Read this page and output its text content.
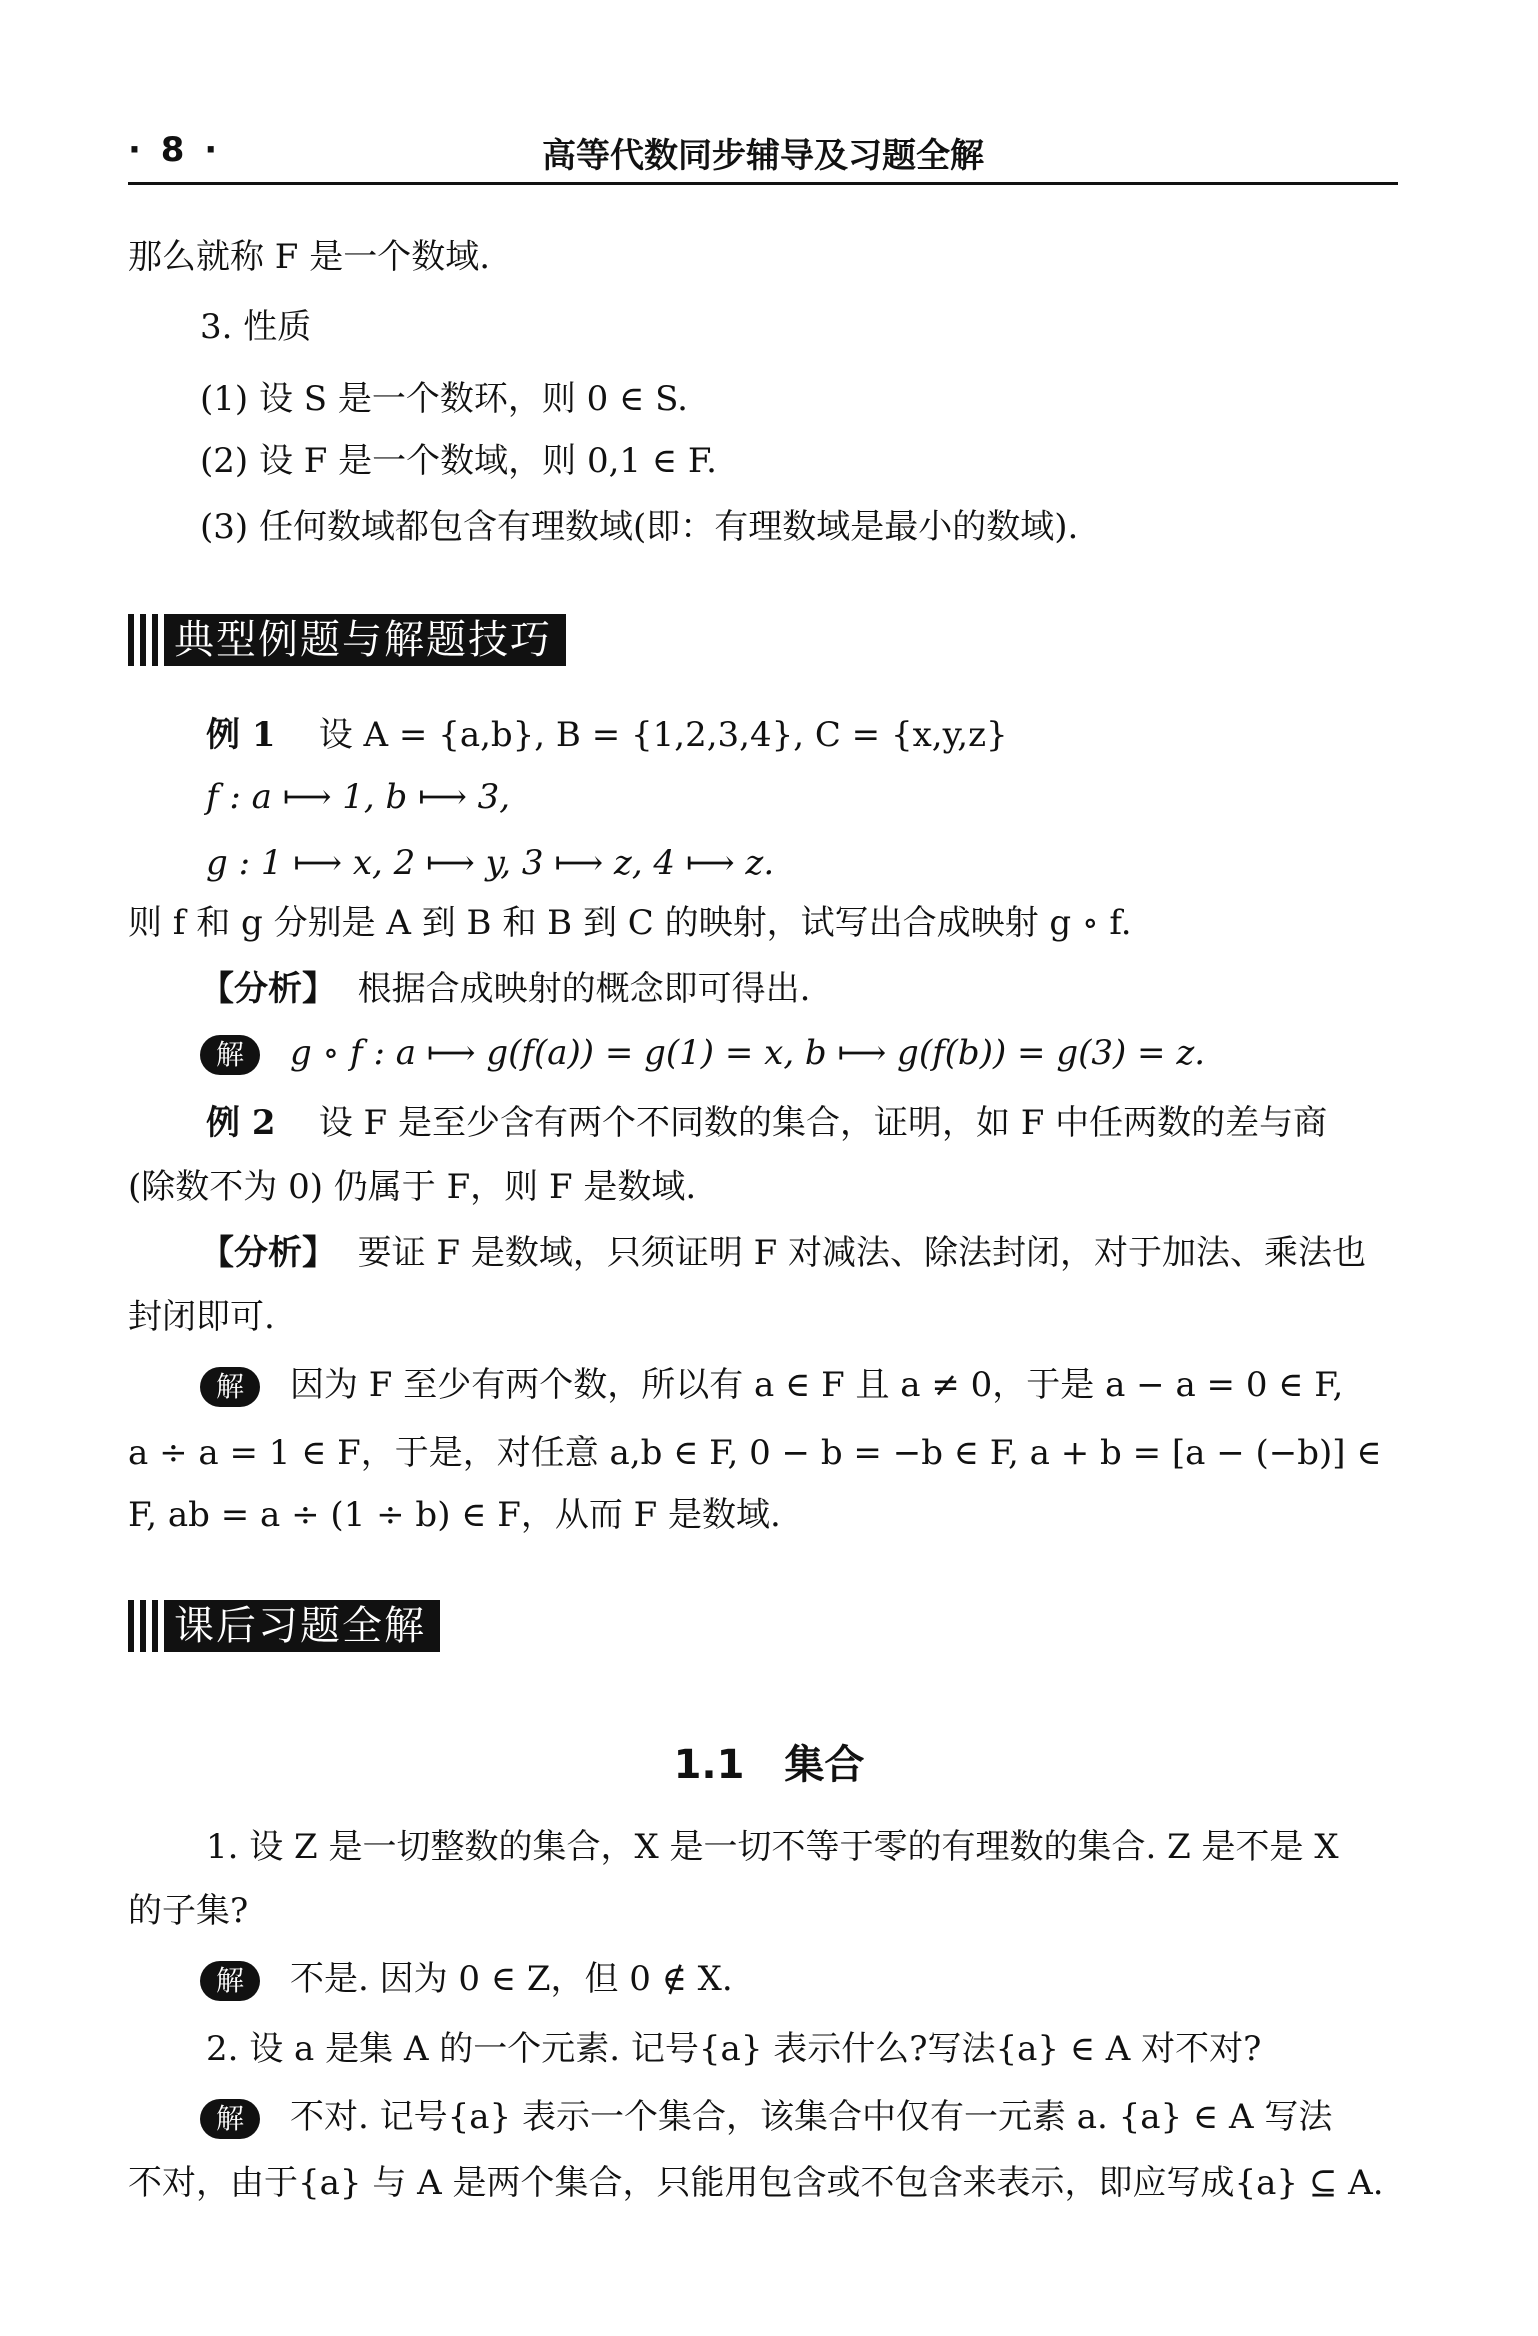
· 8 ·	高等代数同步辅导及习题全解
那么就称 F 是一个数域.
3. 性质
(1) 设 S 是一个数环，则 0 ∈ S.
(2) 设 F 是一个数域，则 0,1 ∈ F.
(3) 任何数域都包含有理数域(即：有理数域是最小的数域).
典型例题与解题技巧
例 1 设 A = {a,b}, B = {1,2,3,4}, C = {x,y,z}
f : a ⟼ 1, b ⟼ 3,
g : 1 ⟼ x, 2 ⟼ y, 3 ⟼ z, 4 ⟼ z.
则 f 和 g 分别是 A 到 B 和 B 到 C 的映射，试写出合成映射 g ∘ f.
【分析】 根据合成映射的概念即可得出.
解 g ∘ f : a ⟼ g(f(a)) = g(1) = x, b ⟼ g(f(b)) = g(3) = z.
例 2 设 F 是至少含有两个不同数的集合，证明，如 F 中任两数的差与商
(除数不为 0) 仍属于 F，则 F 是数域.
【分析】 要证 F 是数域，只须证明 F 对减法、除法封闭，对于加法、乘法也
封闭即可.
解 因为 F 至少有两个数，所以有 a ∈ F 且 a ≠ 0，于是 a − a = 0 ∈ F,
a ÷ a = 1 ∈ F，于是，对任意 a,b ∈ F, 0 − b = −b ∈ F, a + b = [a − (−b)] ∈
F, ab = a ÷ (1 ÷ b) ∈ F，从而 F 是数域.
课后习题全解
1.1　集合
1. 设 Z 是一切整数的集合，X 是一切不等于零的有理数的集合. Z 是不是 X
的子集?
解 不是. 因为 0 ∈ Z，但 0 ∉ X.
2. 设 a 是集 A 的一个元素. 记号{a} 表示什么?写法{a} ∈ A 对不对?
解 不对. 记号{a} 表示一个集合，该集合中仅有一元素 a. {a} ∈ A 写法
不对，由于{a} 与 A 是两个集合，只能用包含或不包含来表示，即应写成{a} ⊆ A.
